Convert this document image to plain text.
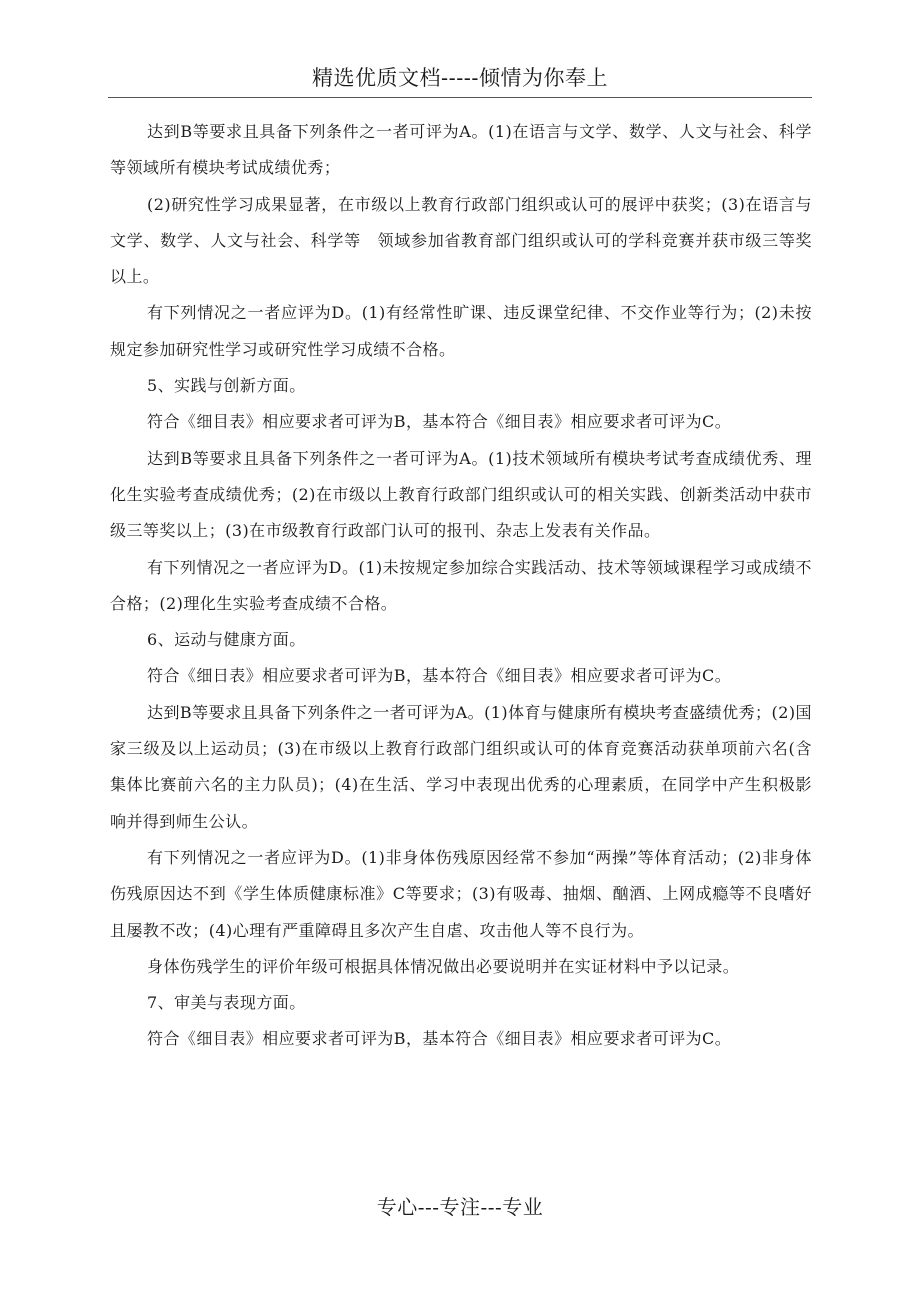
精选优质文档-----倾情为你奉上

达到B等要求且具备下列条件之一者可评为A。(1)在语言与文学、数学、人文与社会、科学等领域所有模块考试成绩优秀；

(2)研究性学习成果显著，在市级以上教育行政部门组织或认可的展评中获奖；(3)在语言与文学、数学、人文与社会、科学等　领域参加省教育部门组织或认可的学科竞赛并获市级三等奖以上。

有下列情况之一者应评为D。(1)有经常性旷课、违反课堂纪律、不交作业等行为；(2)未按规定参加研究性学习或研究性学习成绩不合格。

5、实践与创新方面。

符合《细目表》相应要求者可评为B，基本符合《细目表》相应要求者可评为C。

达到B等要求且具备下列条件之一者可评为A。(1)技术领域所有模块考试考查成绩优秀、理化生实验考查成绩优秀；(2)在市级以上教育行政部门组织或认可的相关实践、创新类活动中获市级三等奖以上；(3)在市级教育行政部门认可的报刊、杂志上发表有关作品。

有下列情况之一者应评为D。(1)未按规定参加综合实践活动、技术等领域课程学习或成绩不合格；(2)理化生实验考查成绩不合格。

6、运动与健康方面。

符合《细日表》相应要求者可评为B，基本符合《细目表》相应要求者可评为C。

达到B等要求且具备下列条件之一者可评为A。(1)体育与健康所有模块考查盛绩优秀；(2)国家三级及以上运动员；(3)在市级以上教育行政部门组织或认可的体育竞赛活动获单项前六名(含集体比赛前六名的主力队员)；(4)在生活、学习中表现出优秀的心理素质，在同学中产生积极影响并得到师生公认。

有下列情况之一者应评为D。(1)非身体伤残原因经常不参加“两操”等体育活动；(2)非身体伤残原因达不到《学生体质健康标准》C等要求；(3)有吸毒、抽烟、酗酒、上网成瘾等不良嗜好且屡教不改；(4)心理有严重障碍且多次产生自虐、攻击他人等不良行为。

身体伤残学生的评价年级可根据具体情况做出必要说明并在实证材料中予以记录。

7、审美与表现方面。

符合《细目表》相应要求者可评为B，基本符合《细目表》相应要求者可评为C。

专心---专注---专业
